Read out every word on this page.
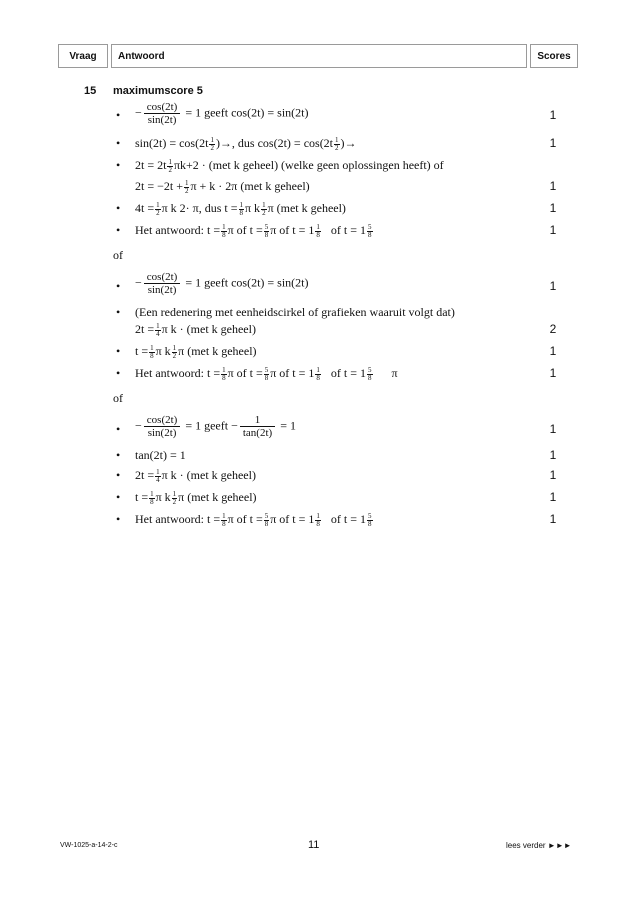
Vraag	Antwoord	Scores
15 maximumscore 5
• − $\frac{\cos(2t)}{\sin(2t)} = 1$ geeft cos(2t) = sin(2t)	1
• $\sin(2t) = \cos(2t \frac{1}{2}$ )→, dus $\cos(2t) = \cos(2t \frac{1}{2}$ )→	1
• $2t = 2t \frac{1}{2} \pi k+2 \cdot (met$ k geheel) (welke geen oplossingen heeft) of
$2t = -2t + \frac{1}{2}$ π + k · 2π (met k geheel)	1
• $4t = \frac{1}{2}$ π k 2· π, dus $t = \frac{1}{8}$ π k $\frac{1}{2}$ π (met k geheel)	1
• Het antwoord: $t = \frac{1}{8}$ π of $t = \frac{5}{8}$ π of $t = 1 \frac{1}{8}$ of $t = 1 \frac{5}{8}$	1
of
• − $\frac{\cos(2t)}{\sin(2t)} = 1$ geeft cos(2t) = sin(2t)	1
• (Een redenering met eenheidscirkel of grafieken waaruit volgt dat)
$2t = \frac{1}{4}$ π k · (met k geheel)	2
• $t = \frac{1}{8}$ π k $\frac{1}{2}$ π (met k geheel)	1
• Het antwoord: $t = \frac{1}{8}$ π of $t = \frac{5}{8}$ π of $t = 1 \frac{1}{8}$ of $t = 1 \frac{5}{8}$ π	1
of
• − $\frac{\cos(2t)}{\sin(2t)} = 1$ geeft − $\frac{1}{\tan(2t)} = 1$	1
• tan(2t) = 1	1
• $2t = \frac{1}{4}$ π k · (met k geheel)	1
• $t = \frac{1}{8}$ π k $\frac{1}{2}$ π (met k geheel)	1
• Het antwoord: $t = \frac{1}{8}$ π of $t = \frac{5}{8}$ π of $t = 1 \frac{1}{8}$ of $t = 1 \frac{5}{8}$	1
VW-1025-a-14-2-c	11	lees verder ►►►
